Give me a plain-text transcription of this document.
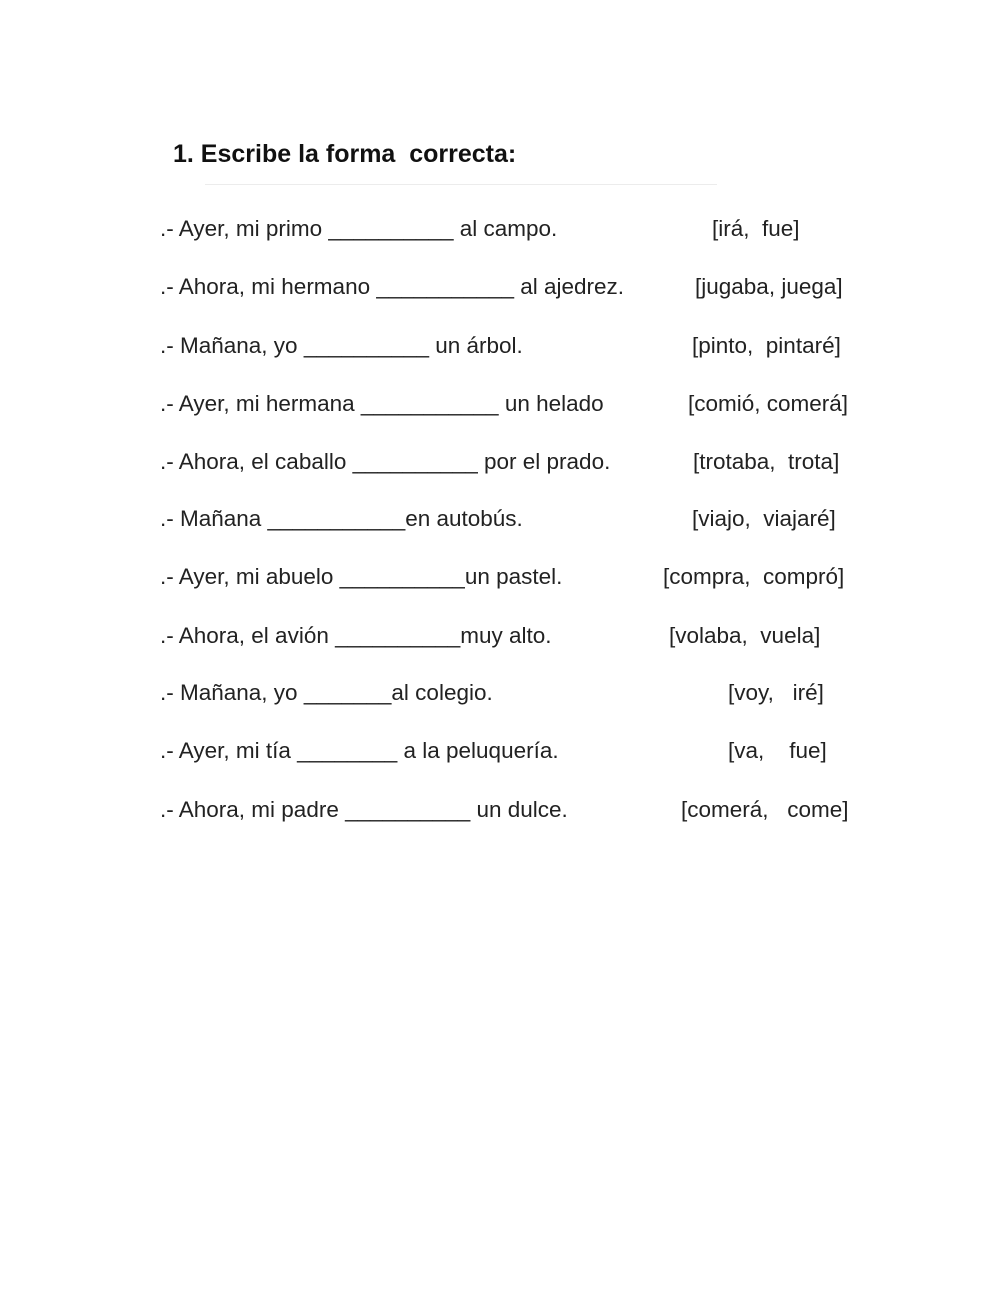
1. Escribe la forma  correcta:

.- Ayer, mi primo __________ al campo.

	[irá,  fue]

.- Ahora, mi hermano ___________ al ajedrez.

	[jugaba, juega]

.- Mañana, yo __________ un árbol.

	[pinto,  pintaré]

.- Ayer, mi hermana ___________ un helado

	[comió, comerá]

.- Ahora, el caballo __________ por el prado.

	[trotaba,  trota]

.- Mañana ___________en autobús.

	[viajo,  viajaré]

.- Ayer, mi abuelo __________un pastel.

	[compra,  compró]

.- Ahora, el avión __________muy alto.

	[volaba,  vuela]

.- Mañana, yo _______al colegio.

	[voy,   iré]

.- Ayer, mi tía ________ a la peluquería.

	[va,    fue]

.- Ahora, mi padre __________ un dulce.

	[comerá,   come]
